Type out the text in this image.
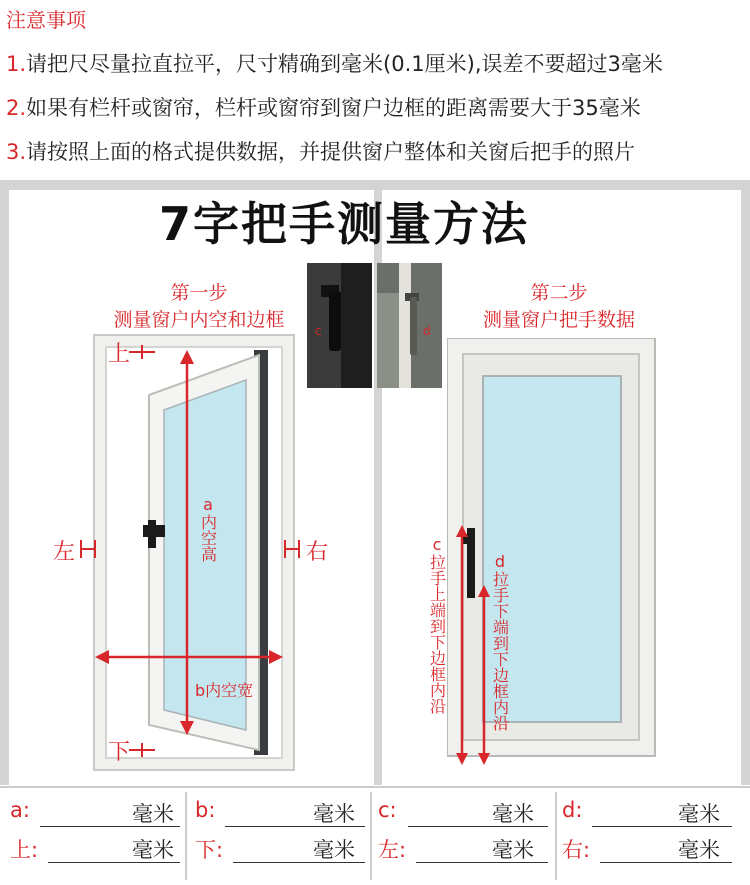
注意事项
1.请把尺尽量拉直拉平，尺寸精确到毫米(0.1厘米),误差不要超过3毫米
2.如果有栏杆或窗帘，栏杆或窗帘到窗户边框的距离需要大于35毫米
3.请按照上面的格式提供数据，并提供窗户整体和关窗后把手的照片
7字把手测量方法
第一步
测量窗户内空和边框
第二步
测量窗户把手数据
c	d
上
下
左	右
a
内空高
b内空宽
c
拉手上端到下边框内沿	d
拉手下端到下边框内沿
a:	毫米 b:	毫米 c:	毫米 d:	毫米
上:	毫米 下:	毫米 左:	毫米 右:	毫米
